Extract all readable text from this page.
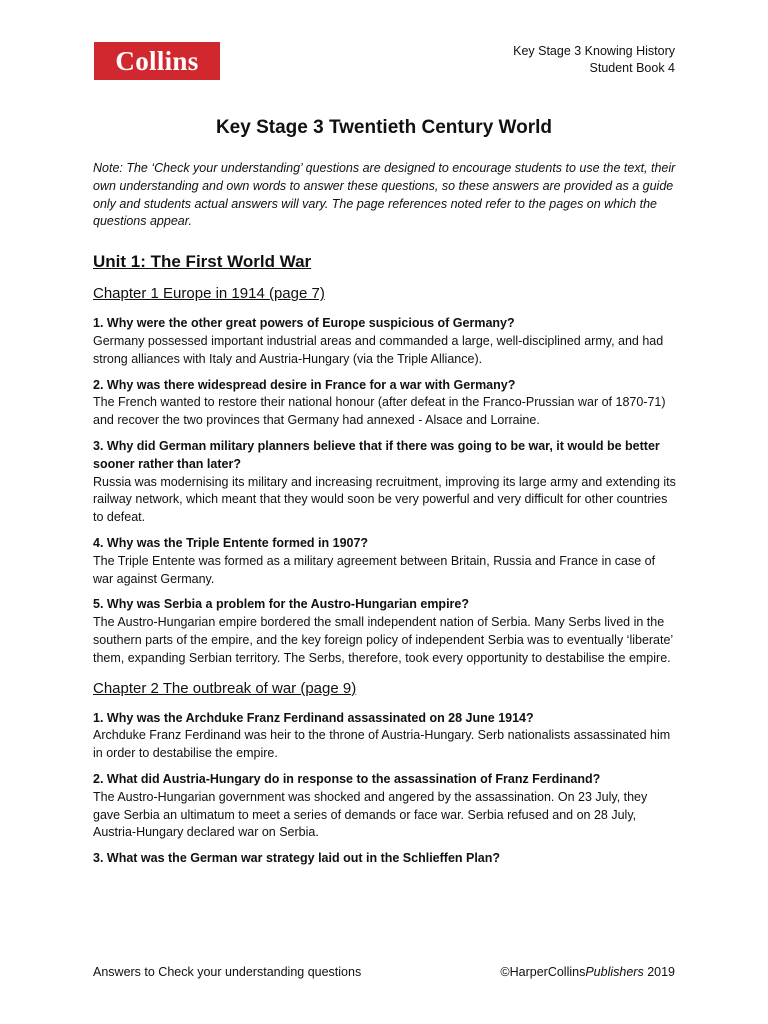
Collins	Key Stage 3 Knowing History
Student Book 4
Key Stage 3 Twentieth Century World

Note: The ‘Check your understanding’ questions are designed to encourage students to use the text, their own understanding and own words to answer these questions, so these answers are provided as a guide only and students actual answers will vary. The page references noted refer to the pages on which the questions appear.

Unit 1: The First World War
Chapter 1 Europe in 1914 (page 7)
1. Why were the other great powers of Europe suspicious of Germany?
Germany possessed important industrial areas and commanded a large, well-disciplined army, and had strong alliances with Italy and Austria-Hungary (via the Triple Alliance).
2. Why was there widespread desire in France for a war with Germany?
The French wanted to restore their national honour (after defeat in the Franco-Prussian war of 1870-71) and recover the two provinces that Germany had annexed - Alsace and Lorraine.
3. Why did German military planners believe that if there was going to be war, it would be better sooner rather than later?
Russia was modernising its military and increasing recruitment, improving its large army and extending its railway network, which meant that they would soon be very powerful and very difficult for other countries to defeat.
4. Why was the Triple Entente formed in 1907?
The Triple Entente was formed as a military agreement between Britain, Russia and France in case of war against Germany.
5. Why was Serbia a problem for the Austro-Hungarian empire?
The Austro-Hungarian empire bordered the small independent nation of Serbia. Many Serbs lived in the southern parts of the empire, and the key foreign policy of independent Serbia was to eventually ‘liberate’ them, expanding Serbian territory. The Serbs, therefore, took every opportunity to destabilise the empire.
Chapter 2 The outbreak of war (page 9)
1. Why was the Archduke Franz Ferdinand assassinated on 28 June 1914?
Archduke Franz Ferdinand was heir to the throne of Austria-Hungary. Serb nationalists assassinated him in order to destabilise the empire.
2. What did Austria-Hungary do in response to the assassination of Franz Ferdinand?
The Austro-Hungarian government was shocked and angered by the assassination. On 23 July, they gave Serbia an ultimatum to meet a series of demands or face war. Serbia refused and on 28 July, Austria-Hungary declared war on Serbia.
3. What was the German war strategy laid out in the Schlieffen Plan?
Answers to Check your understanding questions	©HarperCollinsPublishers 2019
